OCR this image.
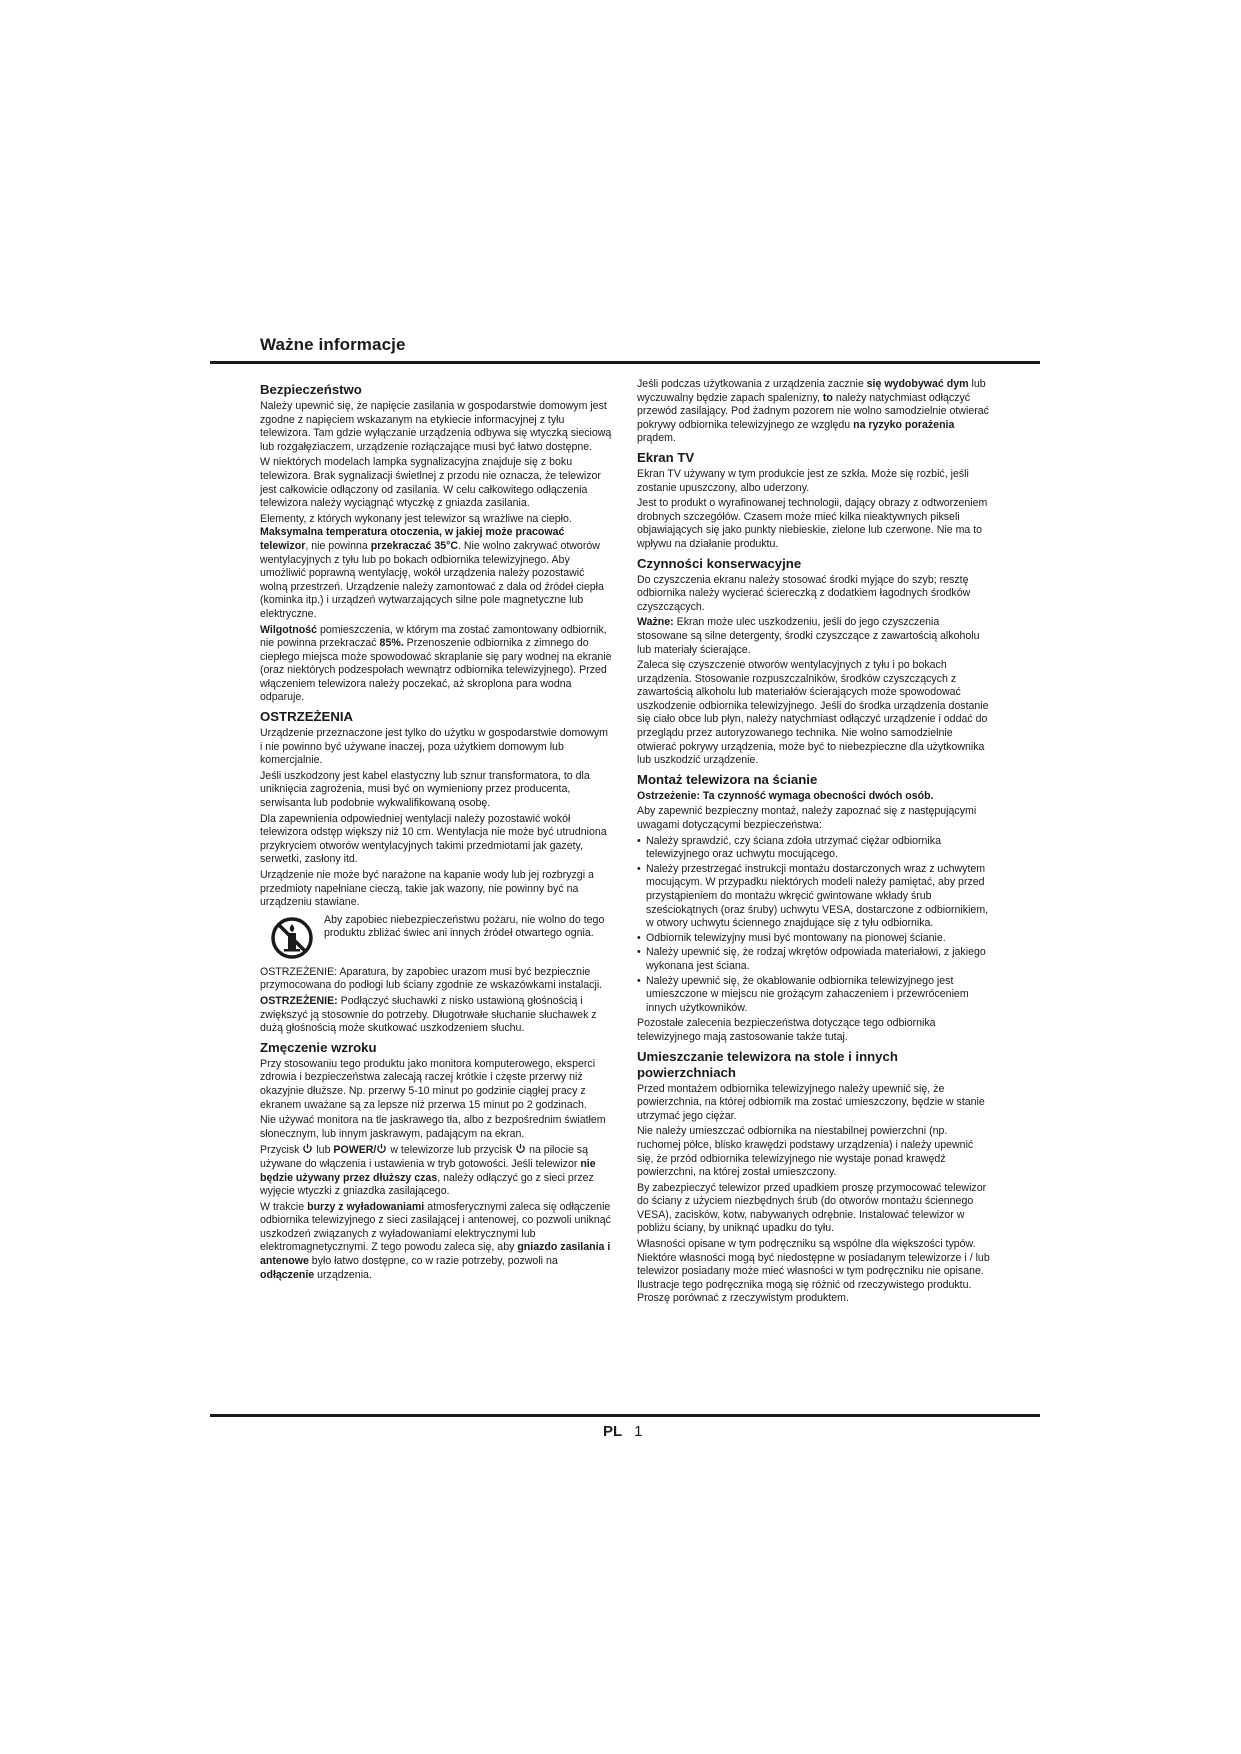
Ważne informacje
Bezpieczeństwo

Należy upewnić się, że napięcie zasilania w gospodarstwie domowym jest zgodne z napięciem wskazanym na etykiecie informacyjnej z tyłu telewizora. Tam gdzie wyłączanie urządzenia odbywa się wtyczką sieciową lub rozgałęziaczem, urządzenie rozłączające musi być łatwo dostępne.

W niektórych modelach lampka sygnalizacyjna znajduje się z boku telewizora. Brak sygnalizacji świetlnej z przodu nie oznacza, że telewizor jest całkowicie odłączony od zasilania. W celu całkowitego odłączenia telewizora należy wyciągnąć wtyczkę z gniazda zasilania.

Elementy, z których wykonany jest telewizor są wrażliwe na ciepło. Maksymalna temperatura otoczenia, w jakiej może pracować telewizor, nie powinna przekraczać 35°C. Nie wolno zakrywać otworów wentylacyjnych z tyłu lub po bokach odbiornika telewizyjnego. Aby umożliwić poprawną wentylację, wokół urządzenia należy pozostawić wolną przestrzeń. Urządzenie należy zamontować z dala od źródeł ciepła (kominka itp.) i urządzeń wytwarzających silne pole magnetyczne lub elektryczne.

Wilgotność pomieszczenia, w którym ma zostać zamontowany odbiornik, nie powinna przekraczać 85%. Przenoszenie odbiornika z zimnego do ciepłego miejsca może spowodować skraplanie się pary wodnej na ekranie (oraz niektórych podzespołach wewnątrz odbiornika telewizyjnego). Przed włączeniem telewizora należy poczekać, aż skroplona para wodna odparuje.

OSTRZEŻENIA

Urządzenie przeznaczone jest tylko do użytku w gospodarstwie domowym i nie powinno być używane inaczej, poza użytkiem domowym lub komercjalnie.

Jeśli uszkodzony jest kabel elastyczny lub sznur transformatora, to dla uniknięcia zagrożenia, musi być on wymieniony przez producenta, serwisanta lub podobnie wykwalifikowaną osobę.

Dla zapewnienia odpowiedniej wentylacji należy pozostawić wokół telewizora odstęp większy niż 10 cm. Wentylacja nie może być utrudniona przykryciem otworów wentylacyjnych takimi przedmiotami jak gazety, serwetki, zasłony itd.

Urządzenie nie może być narażone na kapanie wody lub jej rozbryzgi a przedmioty napełniane cieczą, takie jak wazony, nie powinny być na urządzeniu stawiane.

Aby zapobiec niebezpieczeństwu pożaru, nie wolno do tego produktu zbliżać świec ani innych źródeł otwartego ognia.

OSTRZEŻENIE: Aparatura, by zapobiec urazom musi być bezpiecznie przymocowana do podłogi lub ściany zgodnie ze wskazówkami instalacji.

OSTRZEŻENIE: Podłączyć słuchawki z nisko ustawioną głośnością i zwiększyć ją stosownie do potrzeby. Długotrwałe słuchanie słuchawek z dużą głośnością może skutkować uszkodzeniem słuchu.

Zmęczenie wzroku

Przy stosowaniu tego produktu jako monitora komputerowego, eksperci zdrowia i bezpieczeństwa zalecają raczej krótkie i częste przerwy niż okazyjnie dłuższe. Np. przerwy 5-10 minut po godzinie ciągłej pracy z ekranem uważane są za lepsze niż przerwa 15 minut po 2 godzinach.

Nie używać monitora na tle jaskrawego tła, albo z bezpośrednim światłem słonecznym, lub innym jaskrawym, padającym na ekran.

Przycisk  lub POWER/ w telewizorze lub przycisk  na pilocie są używane do włączenia i ustawienia w tryb gotowości. Jeśli telewizor nie będzie używany przez dłuższy czas, należy odłączyć go z sieci przez wyjęcie wtyczki z gniazdka zasilającego.

W trakcie burzy z wyładowaniami atmosferycznymi zaleca się odłączenie odbiornika telewizyjnego z sieci zasilającej i antenowej, co pozwoli uniknąć uszkodzeń związanych z wyładowaniami elektrycznymi lub elektromagnetycznymi. Z tego powodu zaleca się, aby gniazdo zasilania i antenowe było łatwo dostępne, co w razie potrzeby, pozwoli na odłączenie urządzenia.

Jeśli podczas użytkowania z urządzenia zacznie się wydobywać dym lub wyczuwalny będzie zapach spalenizny, to należy natychmiast odłączyć przewód zasilający. Pod żadnym pozorem nie wolno samodzielnie otwierać pokrywy odbiornika telewizyjnego ze względu na ryzyko porażenia prądem.

Ekran TV

Ekran TV używany w tym produkcie jest ze szkła. Może się rozbić, jeśli zostanie upuszczony, albo uderzony.

Jest to produkt o wyrafinowanej technologii, dający obrazy z odtworzeniem drobnych szczegółów. Czasem może mieć kilka nieaktywnych pikseli objawiających się jako punkty niebieskie, zielone lub czerwone. Nie ma to wpływu na działanie produktu.

Czynności konserwacyjne

Do czyszczenia ekranu należy stosować środki myjące do szyb; resztę odbiornika należy wycierać ściereczką z dodatkiem łagodnych środków czyszczących.

Ważne: Ekran może ulec uszkodzeniu, jeśli do jego czyszczenia stosowane są silne detergenty, środki czyszczące z zawartością alkoholu lub materiały ścierające.

Zaleca się czyszczenie otworów wentylacyjnych z tyłu i po bokach urządzenia. Stosowanie rozpuszczalników, środków czyszczących z zawartością alkoholu lub materiałów ścierających może spowodować uszkodzenie odbiornika telewizyjnego. Jeśli do środka urządzenia dostanie się ciało obce lub płyn, należy natychmiast odłączyć urządzenie i oddać do przeglądu przez autoryzowanego technika. Nie wolno samodzielnie otwierać pokrywy urządzenia, może być to niebezpieczne dla użytkownika lub uszkodzić urządzenie.

Montaż telewizora na ścianie

Ostrzeżenie: Ta czynność wymaga obecności dwóch osób.

Aby zapewnić bezpieczny montaż, należy zapoznać się z następującymi uwagami dotyczącymi bezpieczeństwa:

• Należy sprawdzić, czy ściana zdoła utrzymać ciężar odbiornika telewizyjnego oraz uchwytu mocującego.
• Należy przestrzegać instrukcji montażu dostarczonych wraz z uchwytem mocującym. W przypadku niektórych modeli należy pamiętać, aby przed przystąpieniem do montażu wkręcić gwintowane wkłady śrub sześciokątnych (oraz śruby) uchwytu VESA, dostarczone z odbiornikiem, w otwory uchwytu ściennego znajdujące się z tyłu odbiornika.
• Odbiornik telewizyjny musi być montowany na pionowej ścianie.
• Należy upewnić się, że rodzaj wkrętów odpowiada materiałowi, z jakiego wykonana jest ściana.
• Należy upewnić się, że okablowanie odbiornika telewizyjnego jest umieszczone w miejscu nie grożącym zahaczeniem i przewróceniem innych użytkowników.

Pozostałe zalecenia bezpieczeństwa dotyczące tego odbiornika telewizyjnego mają zastosowanie także tutaj.

Umieszczanie telewizora na stole i innych powierzchniach

Przed montażem odbiornika telewizyjnego należy upewnić się, że powierzchnia, na której odbiornik ma zostać umieszczony, będzie w stanie utrzymać jego ciężar.

Nie należy umieszczać odbiornika na niestabilnej powierzchni (np. ruchomej półce, blisko krawędzi podstawy urządzenia) i należy upewnić się, że przód odbiornika telewizyjnego nie wystaje ponad krawędź powierzchni, na której został umieszczony.

By zabezpieczyć telewizor przed upadkiem proszę przymocować telewizor do ściany z użyciem niezbędnych śrub (do otworów montażu ściennego VESA), zacisków, kotw, nabywanych odrębnie. Instalować telewizor w pobliżu ściany, by uniknąć upadku do tyłu.

Własności opisane w tym podręczniku są wspólne dla większości typów. Niektóre własności mogą być niedostępne w posiadanym telewizorze i / lub telewizor posiadany może mieć własności w tym podręczniku nie opisane. Ilustracje tego podręcznika mogą się różnić od rzeczywistego produktu. Proszę porównać z rzeczywistym produktem.

PL 1
